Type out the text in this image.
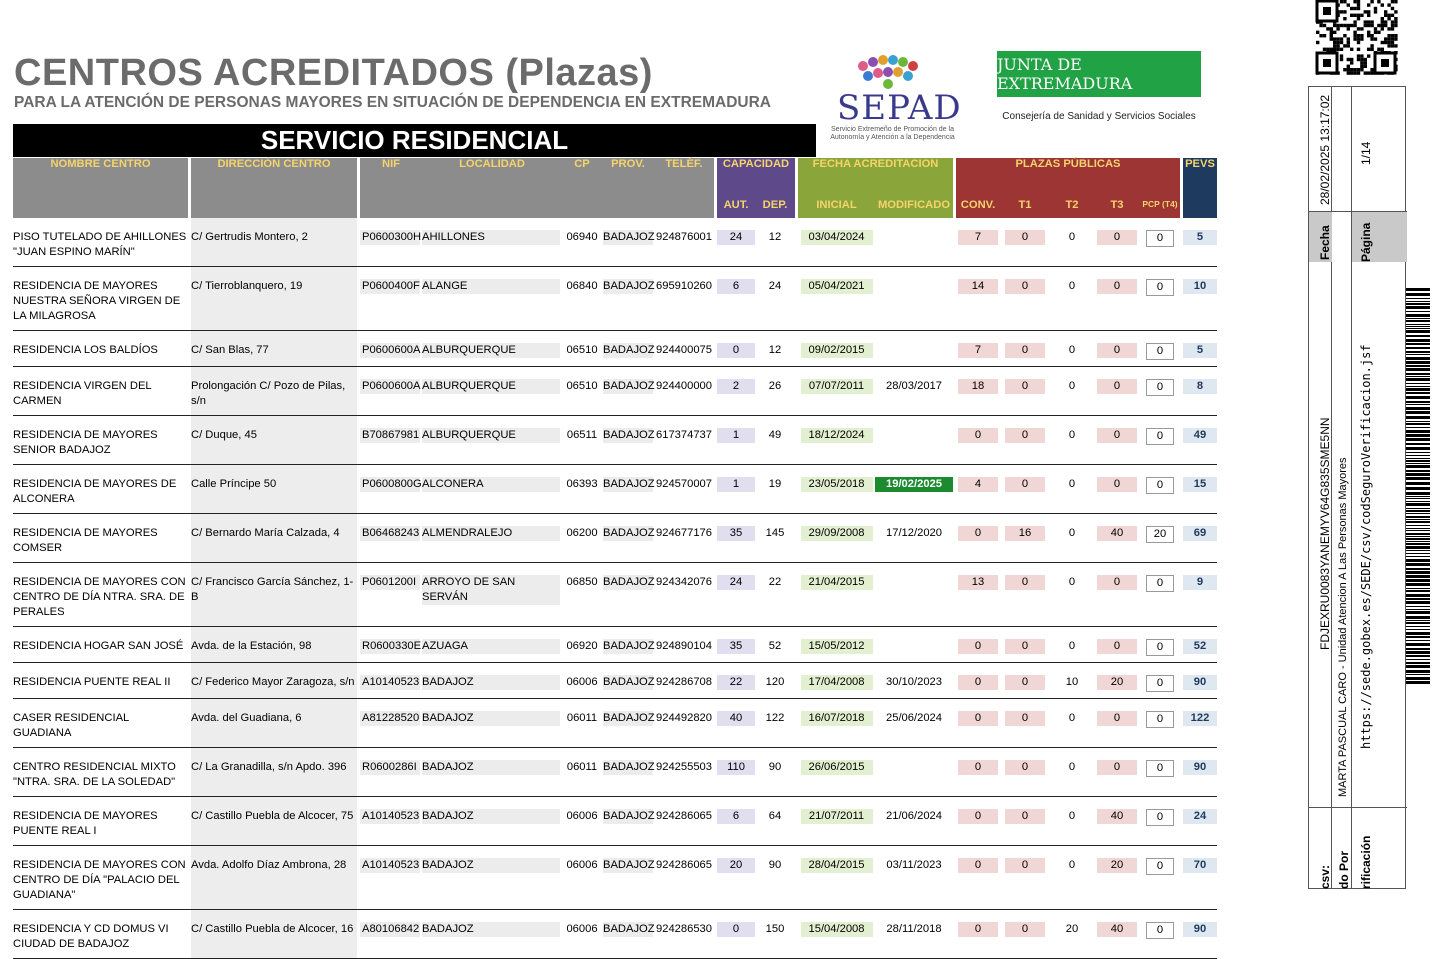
CENTROS ACREDITADOS (Plazas)
PARA LA ATENCIÓN DE PERSONAS MAYORES EN SITUACIÓN DE DEPENDENCIA EN EXTREMADURA
SERVICIO RESIDENCIAL
SEPAD
Servicio Extremeño de Promoción de la Autonomía y Atención a la Dependencia
JUNTA DE EXTREMADURA
Consejería de Sanidad y Servicios Sociales
NOMBRE CENTRO		DIRECCIÓN CENTRO		NIF	LOCALIDAD	CP	PROV.	TELÉF.		CAPACIDAD			FECHA ACREDITACION			PLAZAS PÚBLICAS						PEVS
										AUT.	DEP.		INICIAL	MODIFICADO		CONV.	T1	T2	T3	PCP (T4)		
PISO TUTELADO DE AHILLONES "JUAN ESPINO MARÍN"		C/ Gertrudis Montero, 2		P0600300H	AHILLONES	06940	BADAJOZ	924876001		24	12		03/04/2024			7	0	0	0	0		5
RESIDENCIA DE MAYORES NUESTRA SEÑORA VIRGEN DE LA MILAGROSA		C/ Tierroblanquero, 19		P0600400F	ALANGE	06840	BADAJOZ	695910260		6	24		05/04/2021			14	0	0	0	0		10
RESIDENCIA LOS BALDÍOS		C/ San Blas, 77		P0600600A	ALBURQUERQUE	06510	BADAJOZ	924400075		0	12		09/02/2015			7	0	0	0	0		5
RESIDENCIA VIRGEN DEL CARMEN		Prolongación C/ Pozo de Pilas, s/n		P0600600A	ALBURQUERQUE	06510	BADAJOZ	924400000		2	26		07/07/2011	28/03/2017		18	0	0	0	0		8
RESIDENCIA DE MAYORES SENIOR BADAJOZ		C/ Duque, 45		B70867981	ALBURQUERQUE	06511	BADAJOZ	617374737		1	49		18/12/2024			0	0	0	0	0		49
RESIDENCIA DE MAYORES DE ALCONERA		Calle Príncipe 50		P0600800G	ALCONERA	06393	BADAJOZ	924570007		1	19		23/05/2018	19/02/2025		4	0	0	0	0		15
RESIDENCIA DE MAYORES COMSER		C/ Bernardo María Calzada, 4		B06468243	ALMENDRALEJO	06200	BADAJOZ	924677176		35	145		29/09/2008	17/12/2020		0	16	0	40	20		69
RESIDENCIA DE MAYORES CON CENTRO DE DÍA NTRA. SRA. DE PERALES		C/ Francisco García Sánchez, 1-B		P0601200I	ARROYO DE SAN SERVÁN	06850	BADAJOZ	924342076		24	22		21/04/2015			13	0	0	0	0		9
RESIDENCIA HOGAR SAN JOSÉ		Avda. de la Estación, 98		R0600330E	AZUAGA	06920	BADAJOZ	924890104		35	52		15/05/2012			0	0	0	0	0		52
RESIDENCIA PUENTE REAL II		C/ Federico Mayor Zaragoza, s/n		A10140523	BADAJOZ	06006	BADAJOZ	924286708		22	120		17/04/2008	30/10/2023		0	0	10	20	0		90
CASER RESIDENCIAL GUADIANA		Avda. del Guadiana, 6		A81228520	BADAJOZ	06011	BADAJOZ	924492820		40	122		16/07/2018	25/06/2024		0	0	0	0	0		122
CENTRO RESIDENCIAL MIXTO "NTRA. SRA. DE LA SOLEDAD"		C/ La Granadilla, s/n Apdo. 396		R0600286I	BADAJOZ	06011	BADAJOZ	924255503		110	90		26/06/2015			0	0	0	0	0		90
RESIDENCIA DE MAYORES PUENTE REAL I		C/ Castillo Puebla de Alcocer, 75		A10140523	BADAJOZ	06006	BADAJOZ	924286065		6	64		21/07/2011	21/06/2024		0	0	0	40	0		24
RESIDENCIA DE MAYORES CON CENTRO DE DÍA "PALACIO DEL GUADIANA"		Avda. Adolfo Díaz Ambrona, 28		A10140523	BADAJOZ	06006	BADAJOZ	924286065		20	90		28/04/2015	03/11/2023		0	0	0	20	0		70
RESIDENCIA Y CD DOMUS VI CIUDAD DE BADAJOZ		C/ Castillo Puebla de Alcocer, 16		A80106842	BADAJOZ	06006	BADAJOZ	924286530		0	150		15/04/2008	28/11/2018		0	0	20	40	0		90
Fecha
28/02/2025 13:17:02
Página
1/14
FDJEXRU0083YANEMYV64G835SME5NN
csv:
MARTA PASCUAL CARO - Unidad Atencion A Las Personas Mayores
do Por
https://sede.gobex.es/SEDE/csv/codSeguroVerificacion.jsf
rificación
